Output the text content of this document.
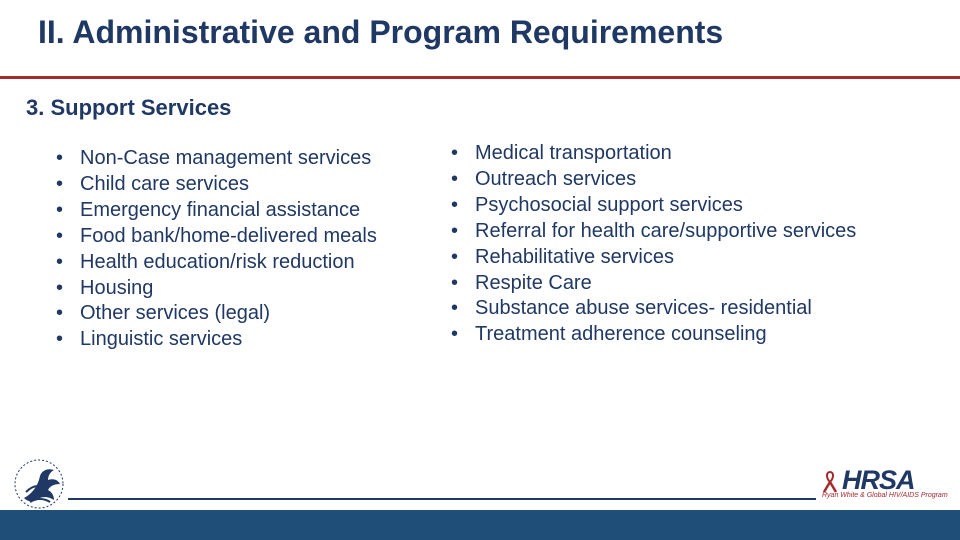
II. Administrative and Program Requirements
3. Support Services
• Non-Case management services
• Child care services
• Emergency financial assistance
• Food bank/home-delivered meals
• Health education/risk reduction
• Housing
• Other services (legal)
• Linguistic services
• Medical transportation
• Outreach services
• Psychosocial support services
• Referral for health care/supportive services
• Rehabilitative services
• Respite Care
• Substance abuse services- residential
• Treatment adherence counseling
HRSA
Ryan White & Global HIV/AIDS Program
